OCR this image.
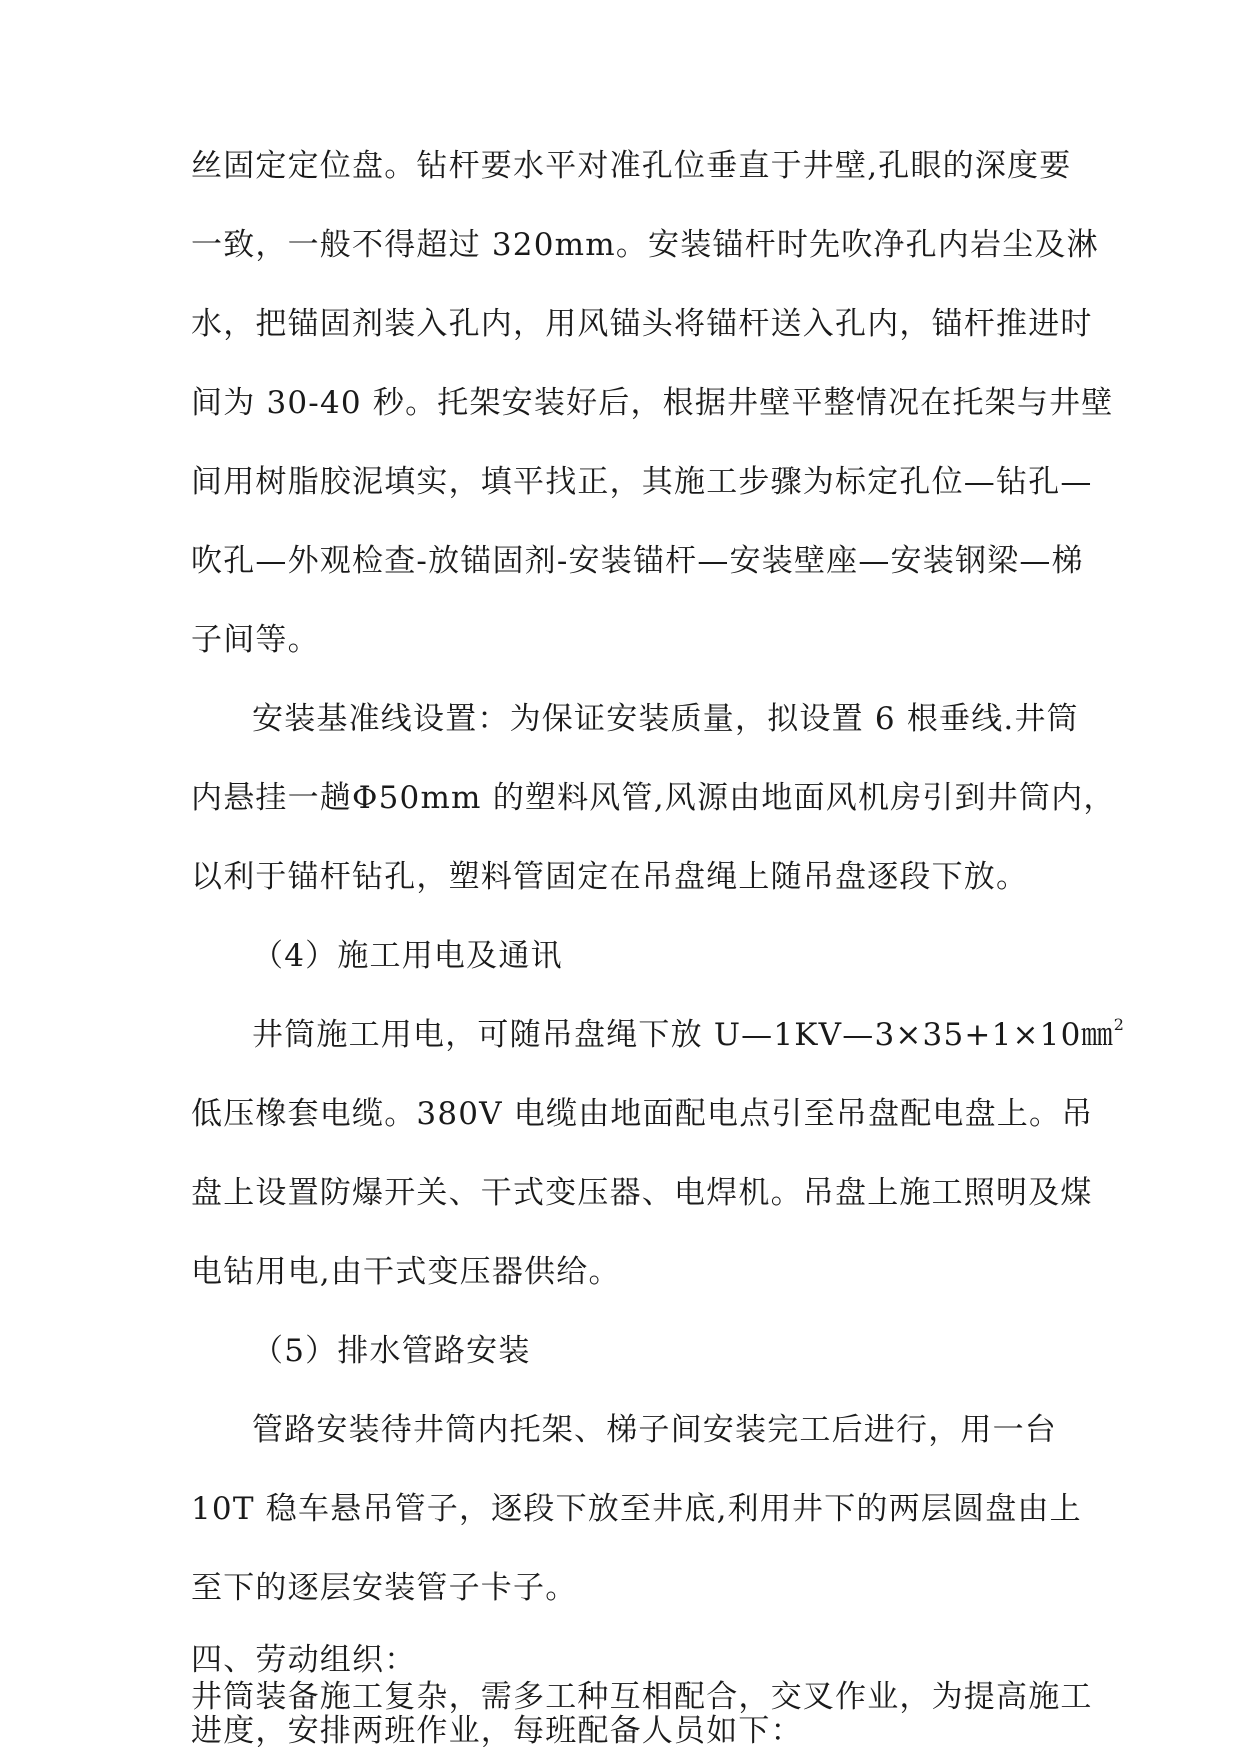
丝固定定位盘。钻杆要水平对准孔位垂直于井壁,孔眼的深度要
一致，一般不得超过 320mm。安装锚杆时先吹净孔内岩尘及淋
水，把锚固剂装入孔内，用风锚头将锚杆送入孔内，锚杆推进时
间为 30-40 秒。托架安装好后，根据井壁平整情况在托架与井壁
间用树脂胶泥填实，填平找正，其施工步骤为标定孔位—钻孔—
吹孔—外观检查-放锚固剂-安装锚杆—安装壁座—安装钢梁—梯
子间等。
安装基准线设置：为保证安装质量，拟设置 6 根垂线.井筒
内悬挂一趟Φ50mm 的塑料风管,风源由地面风机房引到井筒内，
以利于锚杆钻孔，塑料管固定在吊盘绳上随吊盘逐段下放。
（4）施工用电及通讯
井筒施工用电，可随吊盘绳下放 U—1KV—3×35+1×10㎜$^2$
低压橡套电缆。380V 电缆由地面配电点引至吊盘配电盘上。吊
盘上设置防爆开关、干式变压器、电焊机。吊盘上施工照明及煤
电钻用电,由干式变压器供给。
（5）排水管路安装
管路安装待井筒内托架、梯子间安装完工后进行，用一台
10T 稳车悬吊管子，逐段下放至井底,利用井下的两层圆盘由上
至下的逐层安装管子卡子。
四、劳动组织：
井筒装备施工复杂，需多工种互相配合，交叉作业，为提高施工
进度，安排两班作业，每班配备人员如下：
